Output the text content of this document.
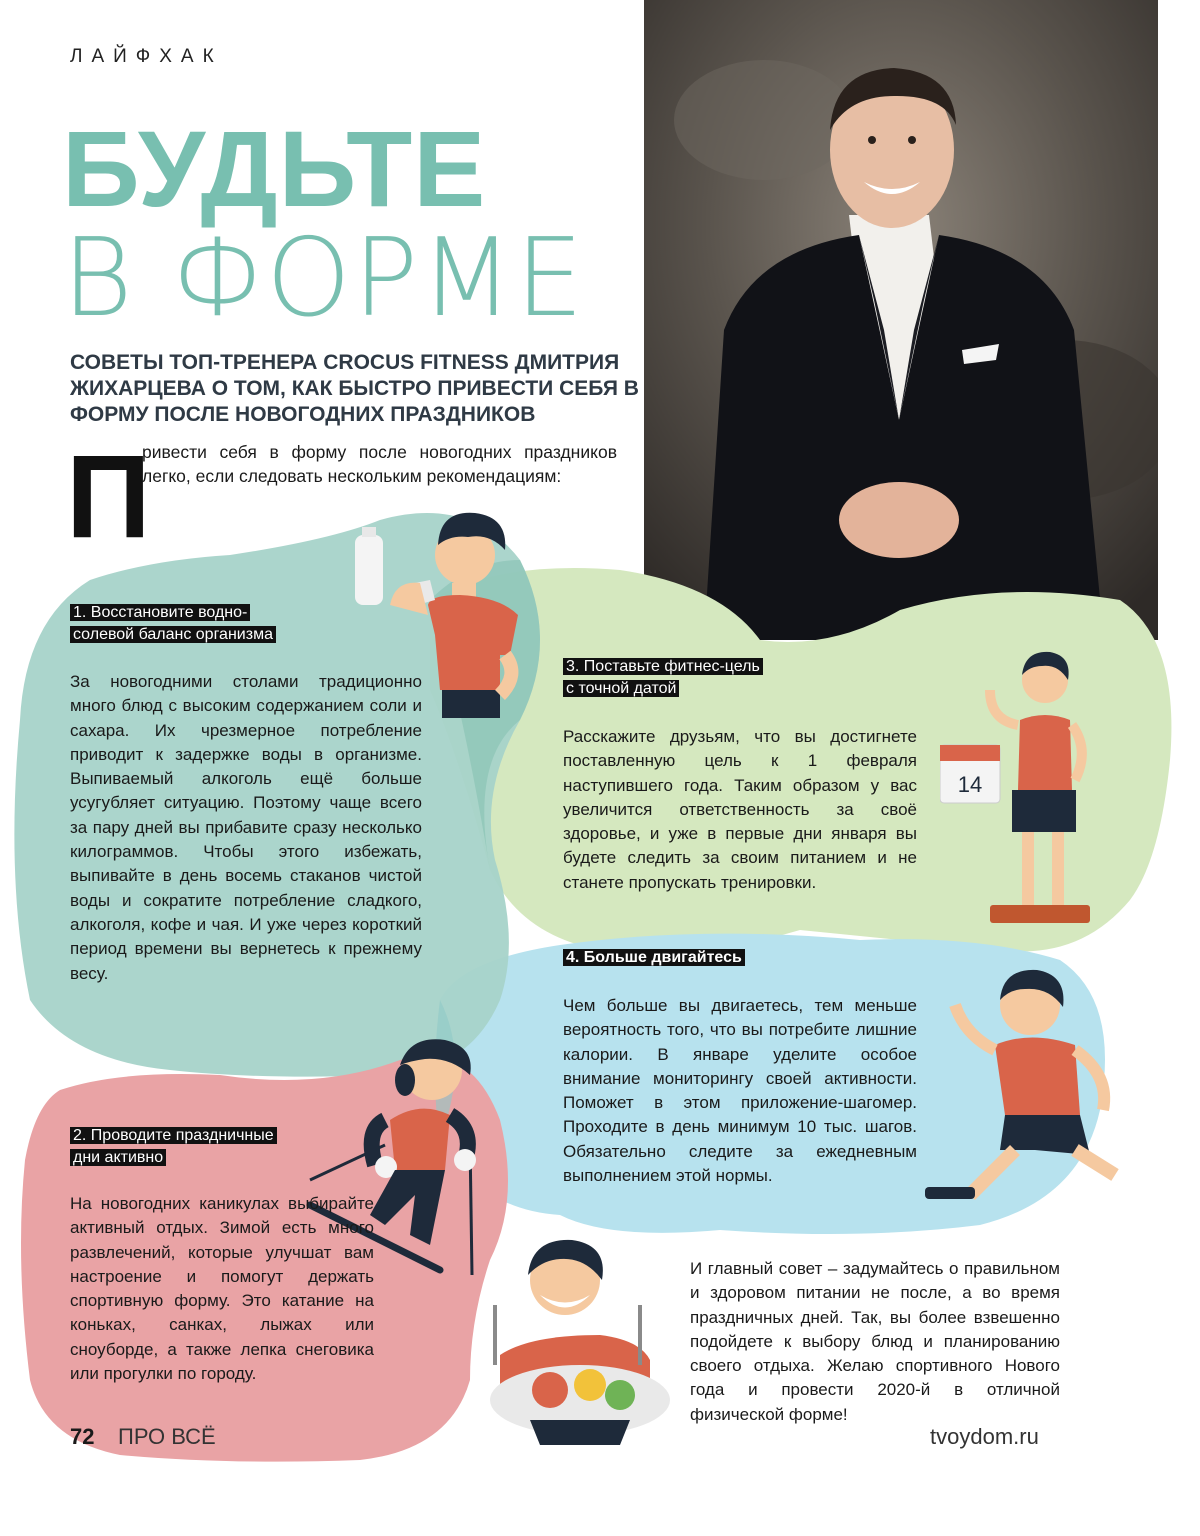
ЛАЙФХАК
БУДЬТЕ
В ФОРМЕ
СОВЕТЫ ТОП-ТРЕНЕРА CROCUS FITNESS ДМИТРИЯ ЖИХАРЦЕВА О ТОМ, КАК БЫСТРО ПРИВЕСТИ СЕБЯ В ФОРМУ ПОСЛЕ НОВОГОДНИХ ПРАЗДНИКОВ
П
ривести себя в форму после новогодних праздников легко, если следовать нескольким рекомендациям:
14
1. Восстановите водно-
солевой баланс организма
За новогодними столами традиционно много блюд с высоким содержанием соли и сахара. Их чрезмерное потребление приводит к задержке воды в организме. Выпиваемый алкоголь ещё больше усугубляет ситуацию. Поэтому чаще всего за пару дней вы прибавите сразу несколько килограммов. Чтобы этого избежать, выпивайте в день восемь стаканов чистой воды и сократите потребление сладкого, алкоголя, кофе и чая. И уже через короткий период времени вы вернетесь к прежнему весу.
2. Проводите праздничные
дни активно
На новогодних каникулах выбирайте активный отдых. Зимой есть много развлечений, которые улучшат вам настроение и помогут держать спортивную форму. Это катание на коньках, санках, лыжах или сноуборде, а также лепка снеговика или прогулки по городу.
3. Поставьте фитнес-цель
с точной датой
Расскажите друзьям, что вы достигнете поставленную цель к 1 февраля наступившего года. Таким образом у вас увеличится ответственность за своё здоровье, и уже в первые дни января вы будете следить за своим питанием и не станете пропускать тренировки.
4. Больше двигайтесь
Чем больше вы двигаетесь, тем меньше вероятность того, что вы потребите лишние калории. В январе уделите особое внимание мониторингу своей активности. Поможет в этом приложение-шагомер. Проходите в день минимум 10 тыс. шагов. Обязательно следите за ежедневным выполнением этой нормы.
И главный совет – задумайтесь о правильном и здоровом питании не после, а во время праздничных дней. Так, вы более взвешенно подойдете к выбору блюд и планированию своего отдыха. Желаю спортивного Нового года и провести 2020-й в отличной физической форме!
72 ПРО ВСЁ	tvoydom.ru
